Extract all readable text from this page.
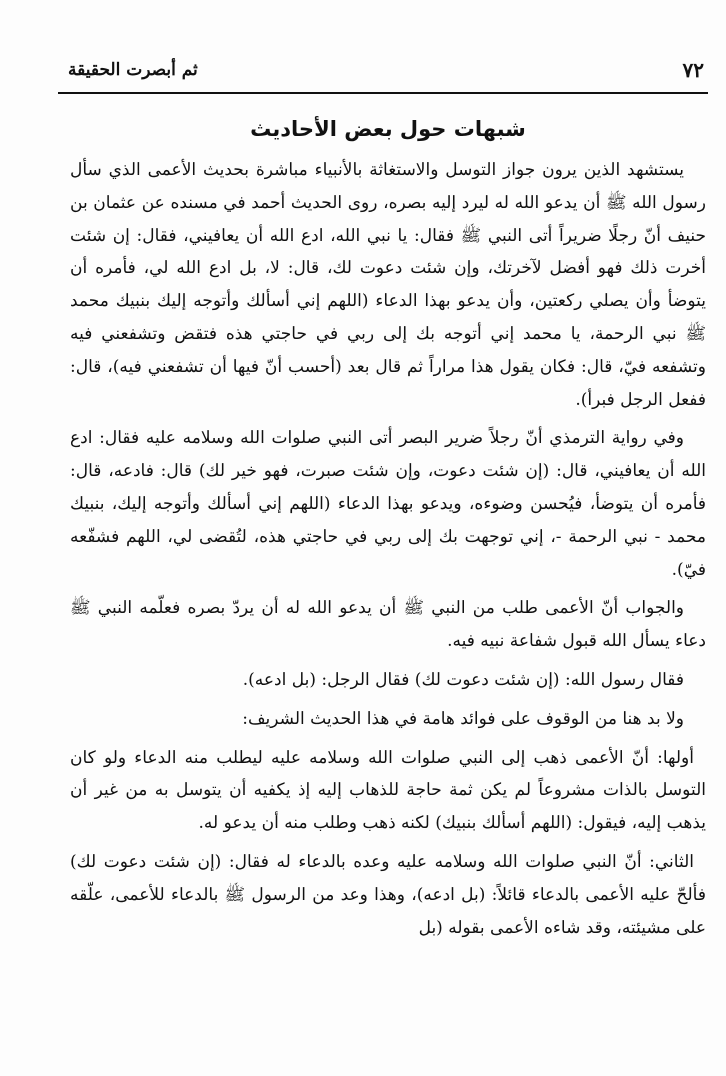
ثم أبصرت الحقيقة	٧٢
شبهات حول بعض الأحاديث

يستشهد الذين يرون جواز التوسل والاستغاثة بالأنبياء مباشرة بحديث الأعمى الذي سأل رسول الله ﷺ أن يدعو الله له ليرد إليه بصره، روى الحديث أحمد في مسنده عن عثمان بن حنيف أنّ رجلًا ضريراً أتى النبي ﷺ فقال: يا نبي الله، ادع الله أن يعافيني، فقال: إن شئت أخرت ذلك فهو أفضل لآخرتك، وإن شئت دعوت لك، قال: لا، بل ادع الله لي، فأمره أن يتوضأ وأن يصلي ركعتين، وأن يدعو بهذا الدعاء (اللهم إني أسألك وأتوجه إليك بنبيك محمد ﷺ نبي الرحمة، يا محمد إني أتوجه بك إلى ربي في حاجتي هذه فتقض وتشفعني فيه وتشفعه فيّ، قال: فكان يقول هذا مراراً ثم قال بعد (أحسب أنّ فيها أن تشفعني فيه)، قال: ففعل الرجل فبرأ).

وفي رواية الترمذي أنّ رجلاً ضرير البصر أتى النبي صلوات الله وسلامه عليه فقال: ادع الله أن يعافيني، قال: (إن شئت دعوت، وإن شئت صبرت، فهو خير لك) قال: فادعه، قال: فأمره أن يتوضأ، فيُحسن وضوءه، ويدعو بهذا الدعاء (اللهم إني أسألك وأتوجه إليك، بنبيك محمد - نبي الرحمة -، إني توجهت بك إلى ربي في حاجتي هذه، لتُقضى لي، اللهم فشفّعه فيّ).

والجواب أنّ الأعمى طلب من النبي ﷺ أن يدعو الله له أن يردّ بصره فعلّمه النبي ﷺ دعاء يسأل الله قبول شفاعة نبيه فيه.

فقال رسول الله: (إن شئت دعوت لك) فقال الرجل: (بل ادعه).

ولا بد هنا من الوقوف على فوائد هامة في هذا الحديث الشريف:

أولها: أنّ الأعمى ذهب إلى النبي صلوات الله وسلامه عليه ليطلب منه الدعاء ولو كان التوسل بالذات مشروعاً لم يكن ثمة حاجة للذهاب إليه إذ يكفيه أن يتوسل به من غير أن يذهب إليه، فيقول: (اللهم أسألك بنبيك) لكنه ذهب وطلب منه أن يدعو له.

الثاني: أنّ النبي صلوات الله وسلامه عليه وعده بالدعاء له فقال: (إن شئت دعوت لك) فألحّ عليه الأعمى بالدعاء قائلاً: (بل ادعه)، وهذا وعد من الرسول ﷺ بالدعاء للأعمى، علّقه على مشيئته، وقد شاءه الأعمى بقوله (بل
